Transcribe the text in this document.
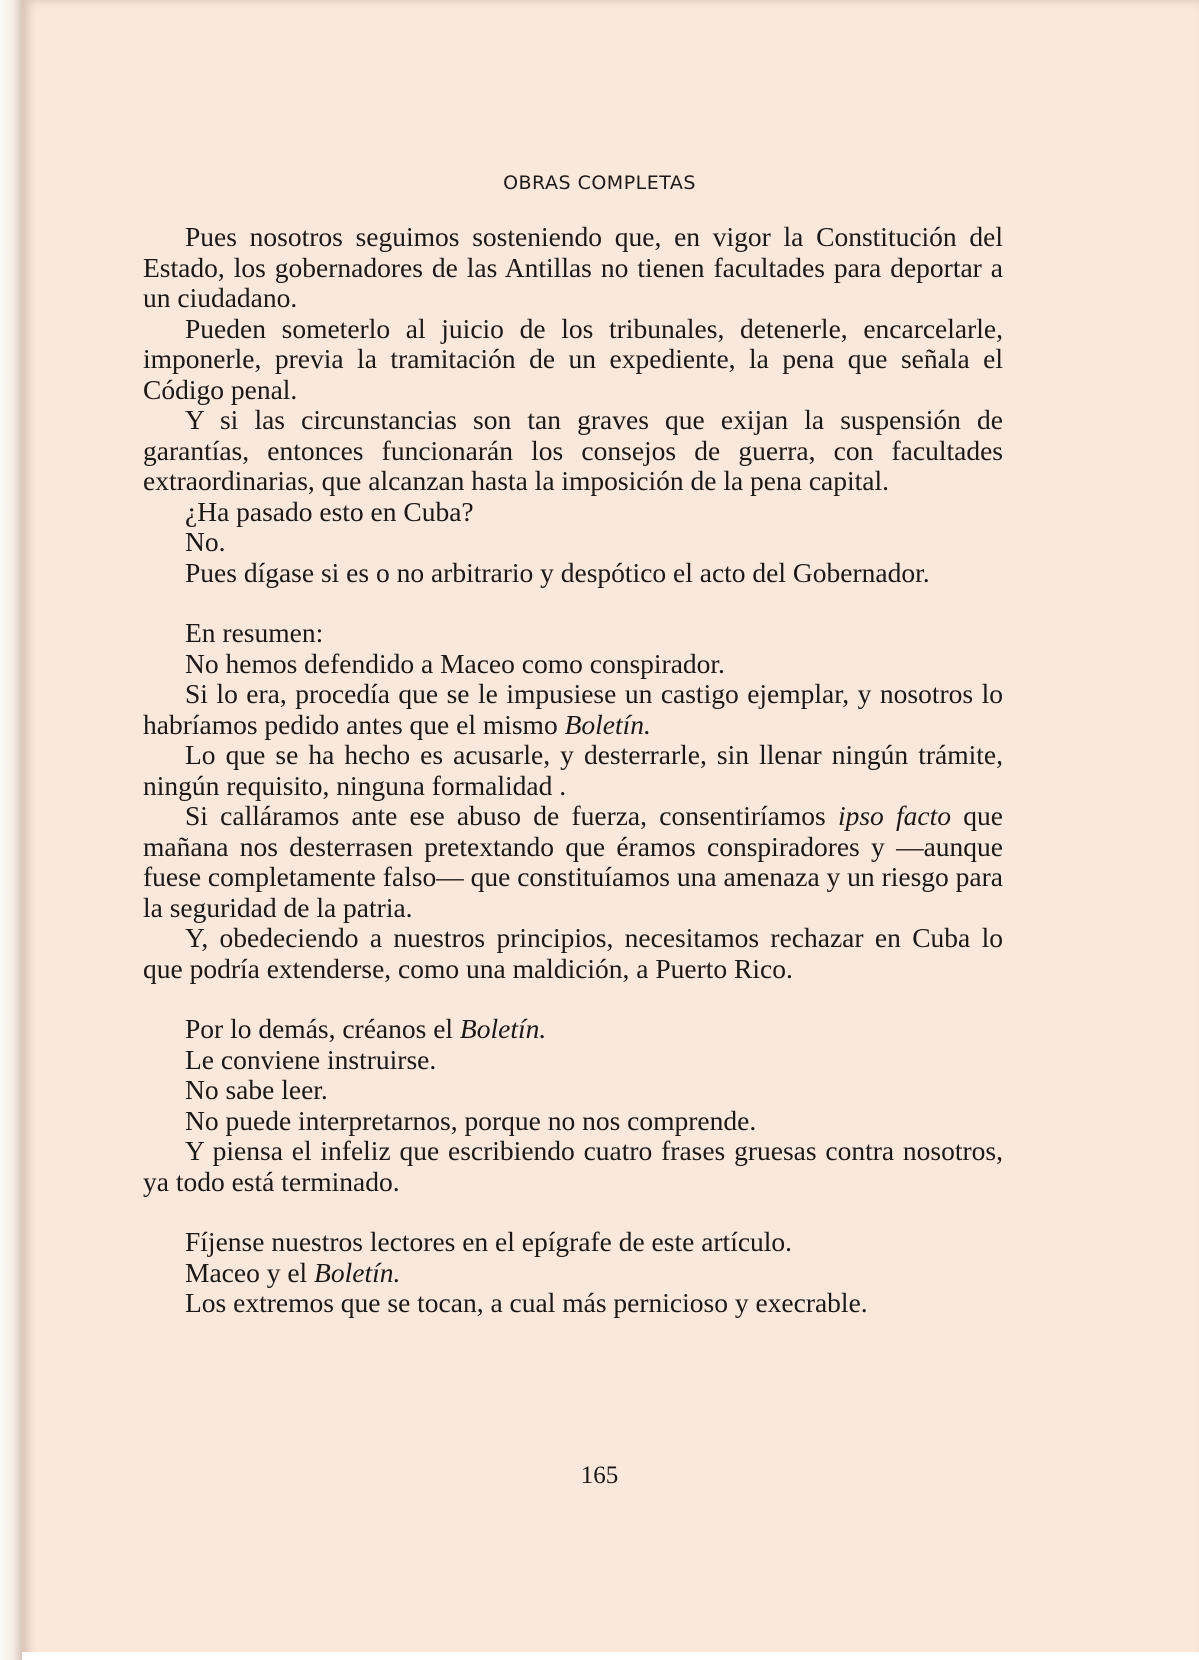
OBRAS COMPLETAS

Pues nosotros seguimos sosteniendo que, en vigor la Constitución del Estado, los gobernadores de las Antillas no tienen facultades para deportar a un ciudadano.

Pueden someterlo al juicio de los tribunales, detenerle, encarcelarle, imponerle, previa la tramitación de un expediente, la pena que señala el Código penal.

Y si las circunstancias son tan graves que exijan la suspensión de garantías, entonces funcionarán los consejos de guerra, con facultades extraordinarias, que alcanzan hasta la imposición de la pena capital.

¿Ha pasado esto en Cuba?

No.

Pues dígase si es o no arbitrario y despótico el acto del Gobernador.

En resumen:

No hemos defendido a Maceo como conspirador.

Si lo era, procedía que se le impusiese un castigo ejemplar, y nosotros lo habríamos pedido antes que el mismo Boletín.

Lo que se ha hecho es acusarle, y desterrarle, sin llenar ningún trámite, ningún requisito, ninguna formalidad .

Si calláramos ante ese abuso de fuerza, consentiríamos ipso facto que mañana nos desterrasen pretextando que éramos conspiradores y —aunque fuese completamente falso— que constituíamos una amenaza y un riesgo para la seguridad de la patria.

Y, obedeciendo a nuestros principios, necesitamos rechazar en Cuba lo que podría extenderse, como una maldición, a Puerto Rico.

Por lo demás, créanos el Boletín.

Le conviene instruirse.

No sabe leer.

No puede interpretarnos, porque no nos comprende.

Y piensa el infeliz que escribiendo cuatro frases gruesas contra nosotros, ya todo está terminado.

Fíjense nuestros lectores en el epígrafe de este artículo.

Maceo y el Boletín.

Los extremos que se tocan, a cual más pernicioso y execrable.

165
